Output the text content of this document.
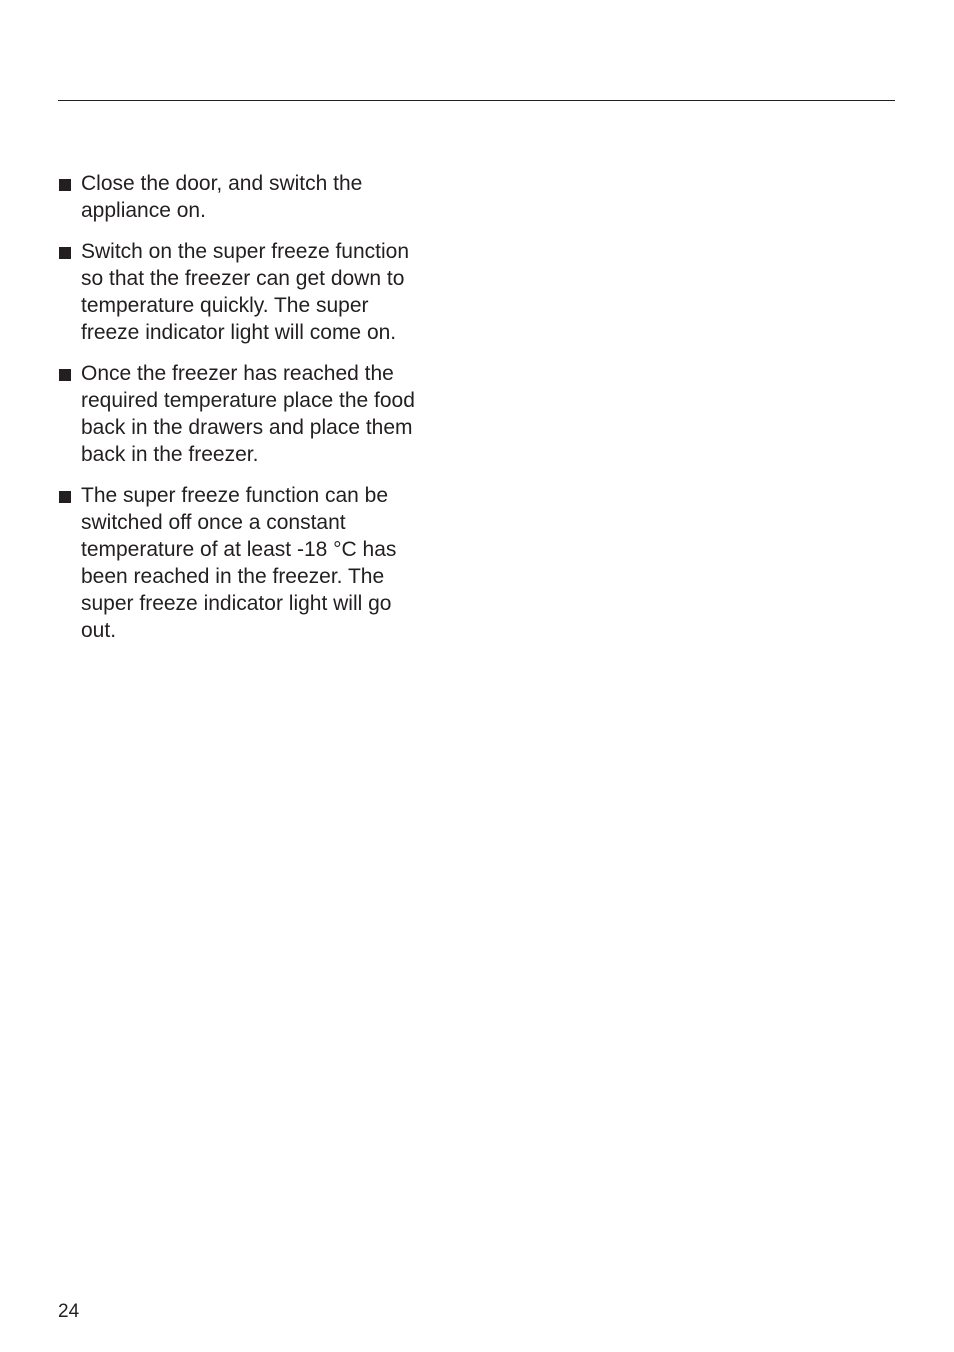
Close the door, and switch the
appliance on.
Switch on the super freeze function
so that the freezer can get down to
temperature quickly. The super
freeze indicator light will come on.
Once the freezer has reached the
required temperature place the food
back in the drawers and place them
back in the freezer.
The super freeze function can be
switched off once a constant
temperature of at least -18 °C has
been reached in the freezer. The
super freeze indicator light will go
out.
24
